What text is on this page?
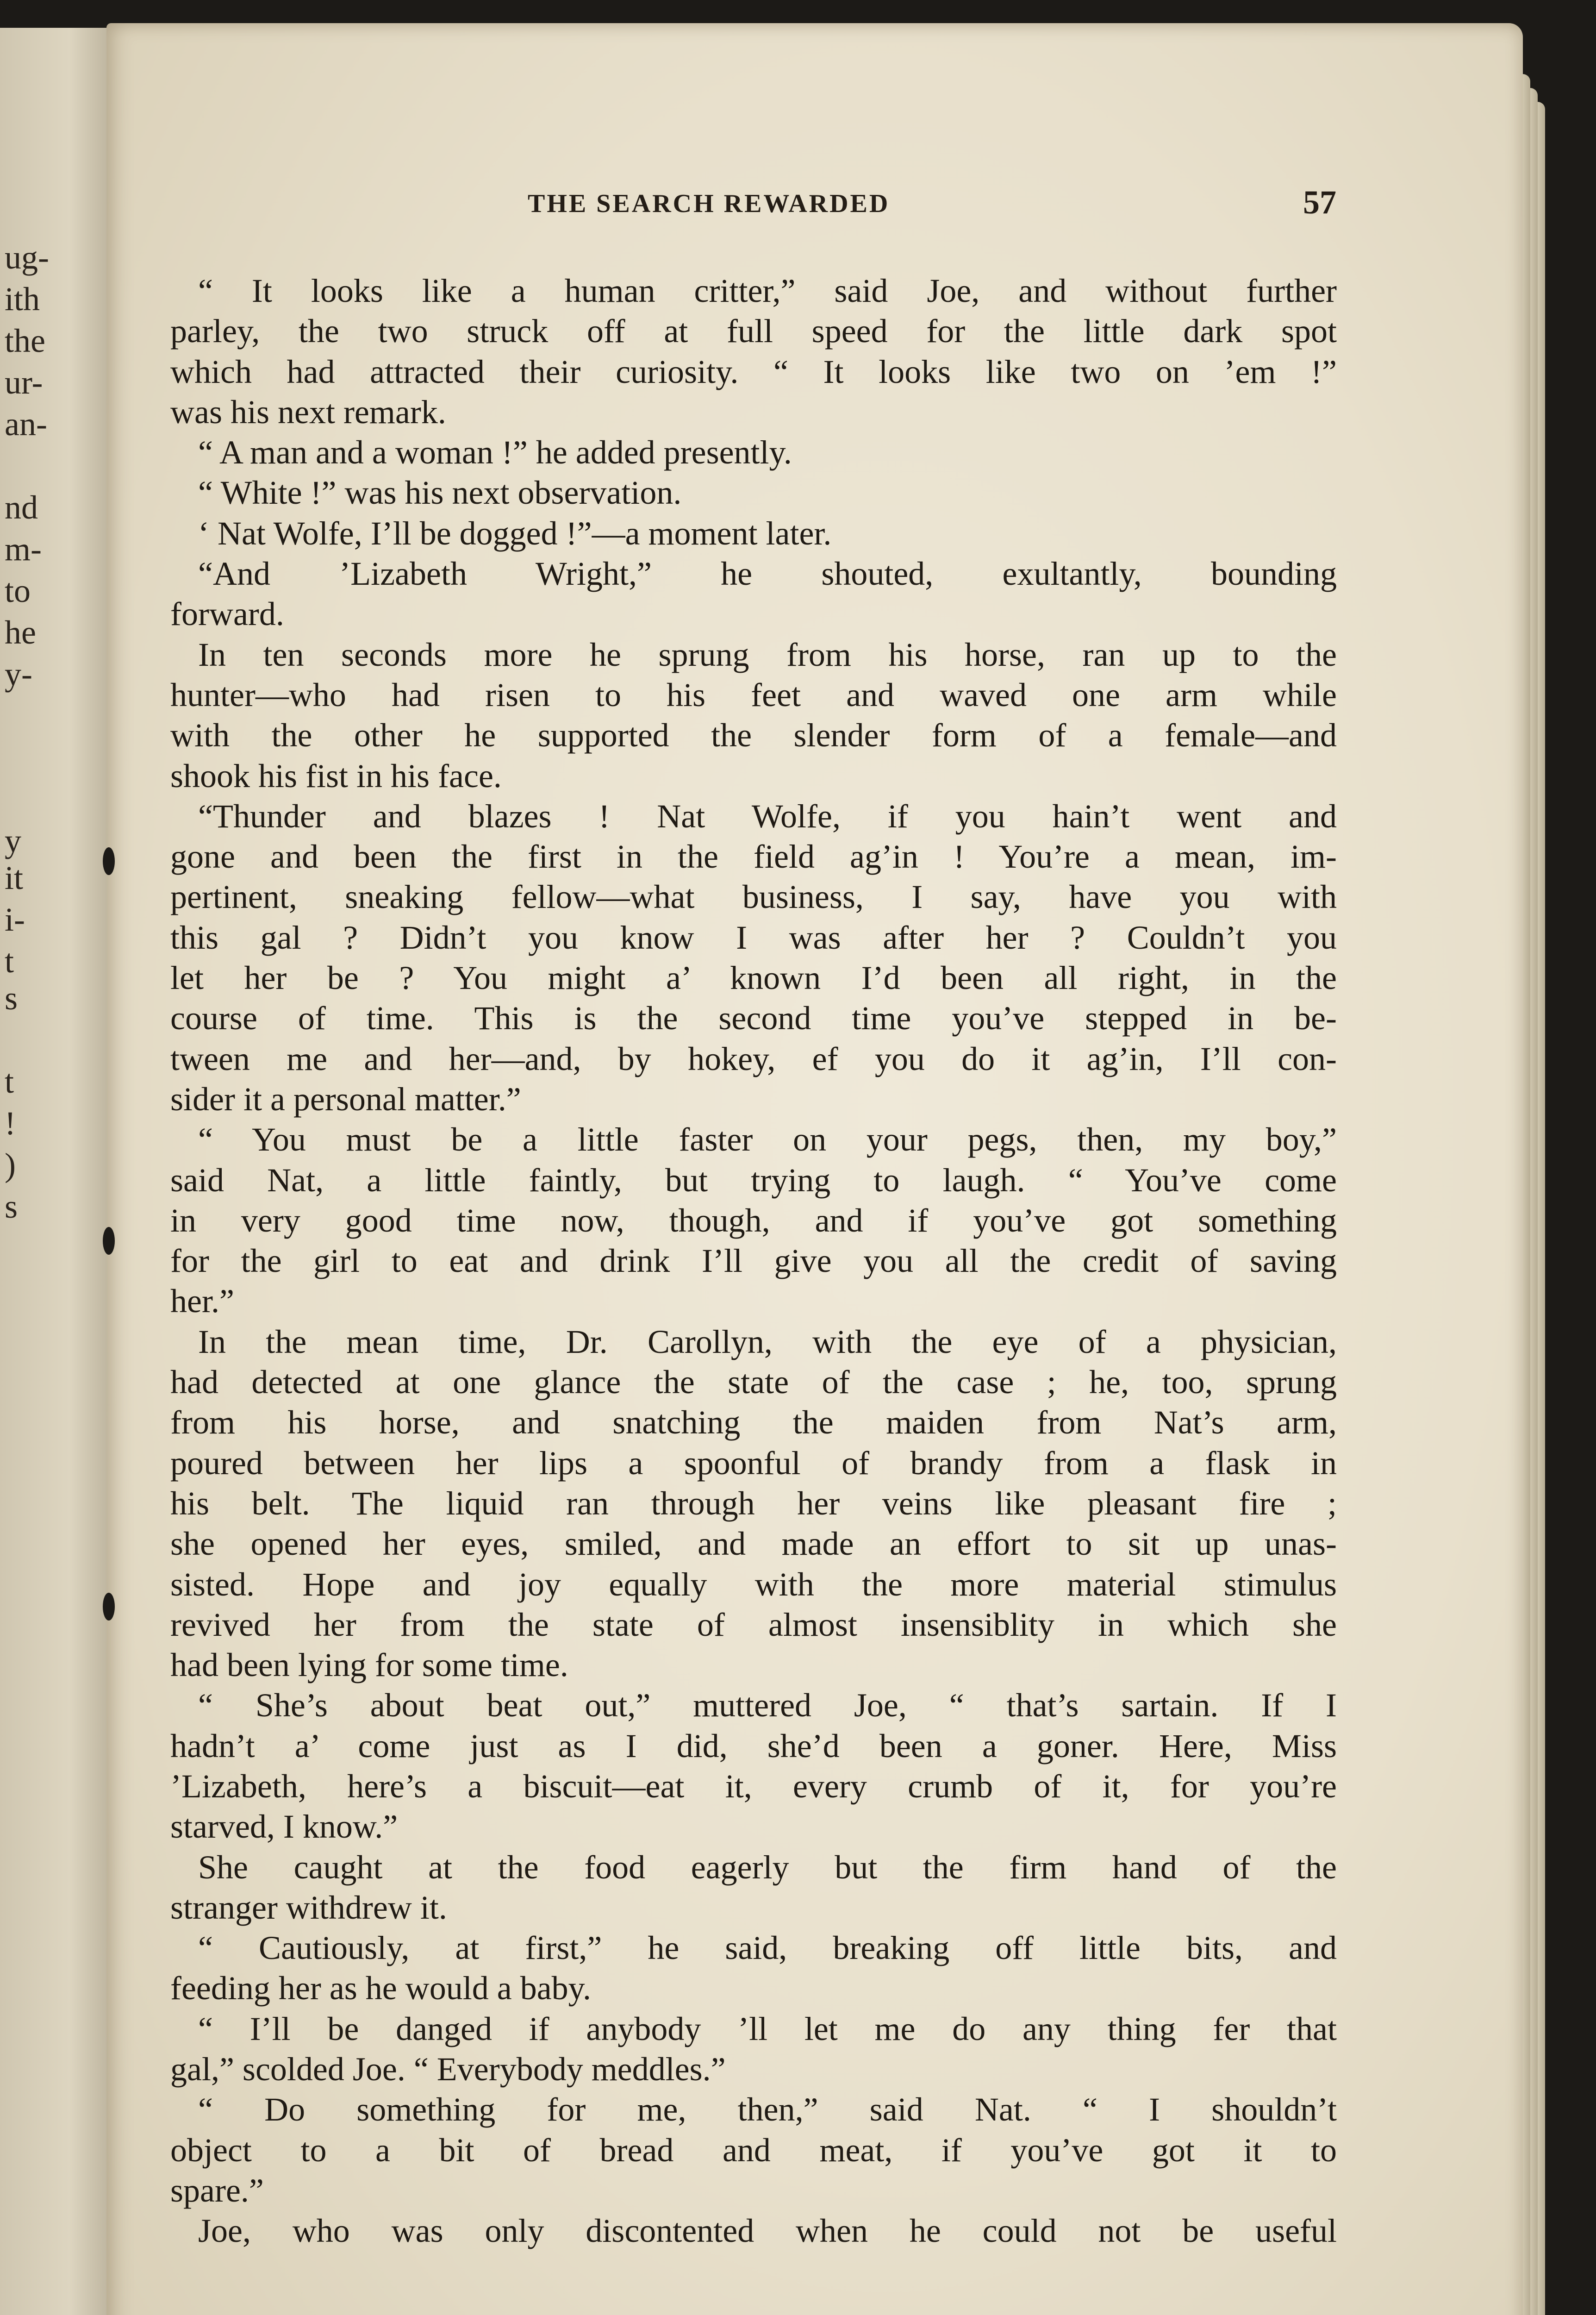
ug-
ith
the
ur-
an-
nd
m-
to
he
y-
y
it
i-
t
s
t
!
)
s
THE SEARCH REWARDED	57
“ It looks like a human critter,” said Joe, and without further
parley, the two struck off at full speed for the little dark spot
which had attracted their curiosity. “ It looks like two on ’em !”
was his next remark.
“ A man and a woman !” he added presently.
“ White !” was his next observation.
‘ Nat Wolfe, I’ll be dogged !”—a moment later.
“And ’Lizabeth Wright,” he shouted, exultantly, bounding
forward.
In ten seconds more he sprung from his horse, ran up to the
hunter—who had risen to his feet and waved one arm while
with the other he supported the slender form of a female—and
shook his fist in his face.
“Thunder and blazes ! Nat Wolfe, if you hain’t went and
gone and been the first in the field ag’in ! You’re a mean, im-
pertinent, sneaking fellow—what business, I say, have you with
this gal ? Didn’t you know I was after her ? Couldn’t you
let her be ? You might a’ known I’d been all right, in the
course of time. This is the second time you’ve stepped in be-
tween me and her—and, by hokey, ef you do it ag’in, I’ll con-
sider it a personal matter.”
“ You must be a little faster on your pegs, then, my boy,”
said Nat, a little faintly, but trying to laugh. “ You’ve come
in very good time now, though, and if you’ve got something
for the girl to eat and drink I’ll give you all the credit of saving
her.”
In the mean time, Dr. Carollyn, with the eye of a physician,
had detected at one glance the state of the case ; he, too, sprung
from his horse, and snatching the maiden from Nat’s arm,
poured between her lips a spoonful of brandy from a flask in
his belt. The liquid ran through her veins like pleasant fire ;
she opened her eyes, smiled, and made an effort to sit up unas-
sisted. Hope and joy equally with the more material stimulus
revived her from the state of almost insensiblity in which she
had been lying for some time.
“ She’s about beat out,” muttered Joe, “ that’s sartain. If I
hadn’t a’ come just as I did, she’d been a goner. Here, Miss
’Lizabeth, here’s a biscuit—eat it, every crumb of it, for you’re
starved, I know.”
She caught at the food eagerly but the firm hand of the
stranger withdrew it.
“ Cautiously, at first,” he said, breaking off little bits, and
feeding her as he would a baby.
“ I’ll be danged if anybody ’ll let me do any thing fer that
gal,” scolded Joe. “ Everybody meddles.”
“ Do something for me, then,” said Nat. “ I shouldn’t
object to a bit of bread and meat, if you’ve got it to
spare.”
Joe, who was only discontented when he could not be useful
